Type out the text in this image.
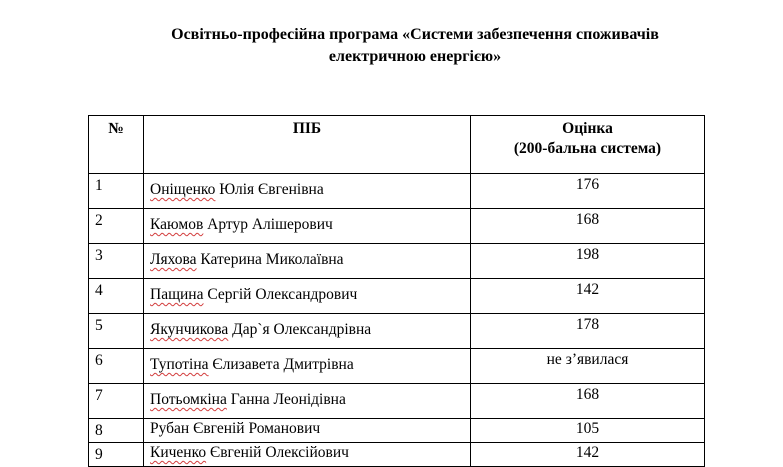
Освітньо-професійна програма «Системи забезпечення споживачів
електричною енергією»
№	ПІБ	Оцінка
(200-бальна система)

1	Оніщенко Юлія Євгенівна	176
2	Каюмов Артур Алішерович	168
3	Ляхова Катерина Миколаївна	198
4	Пащина Сергій Олександрович	142
5	Якунчикова Дар`я Олександрівна	178
6	Тупотіна Єлизавета Дмитрівна	не з’явилася
7	Потьомкіна Ганна Леонідівна	168
8	Рубан Євгеній Романович	105
9	Киченко Євгеній Олексійович	142
